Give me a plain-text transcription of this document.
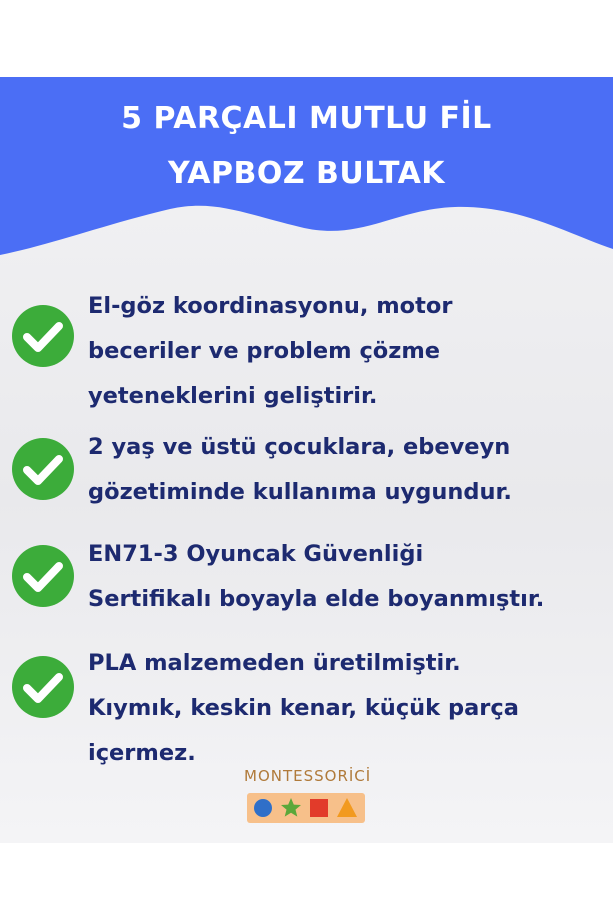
5 PARÇALI MUTLU FİL
YAPBOZ BULTAK

El-göz koordinasyonu, motor

beceriler ve problem çözme

yeteneklerini geliştirir.

2 yaş ve üstü çocuklara, ebeveyn

gözetiminde kullanıma uygundur.

EN71-3 Oyuncak Güvenliği

Sertifikalı boyayla elde boyanmıştır.

PLA malzemeden üretilmiştir.

Kıymık, keskin kenar, küçük parça

içermez.

MONTESSORİCİ
